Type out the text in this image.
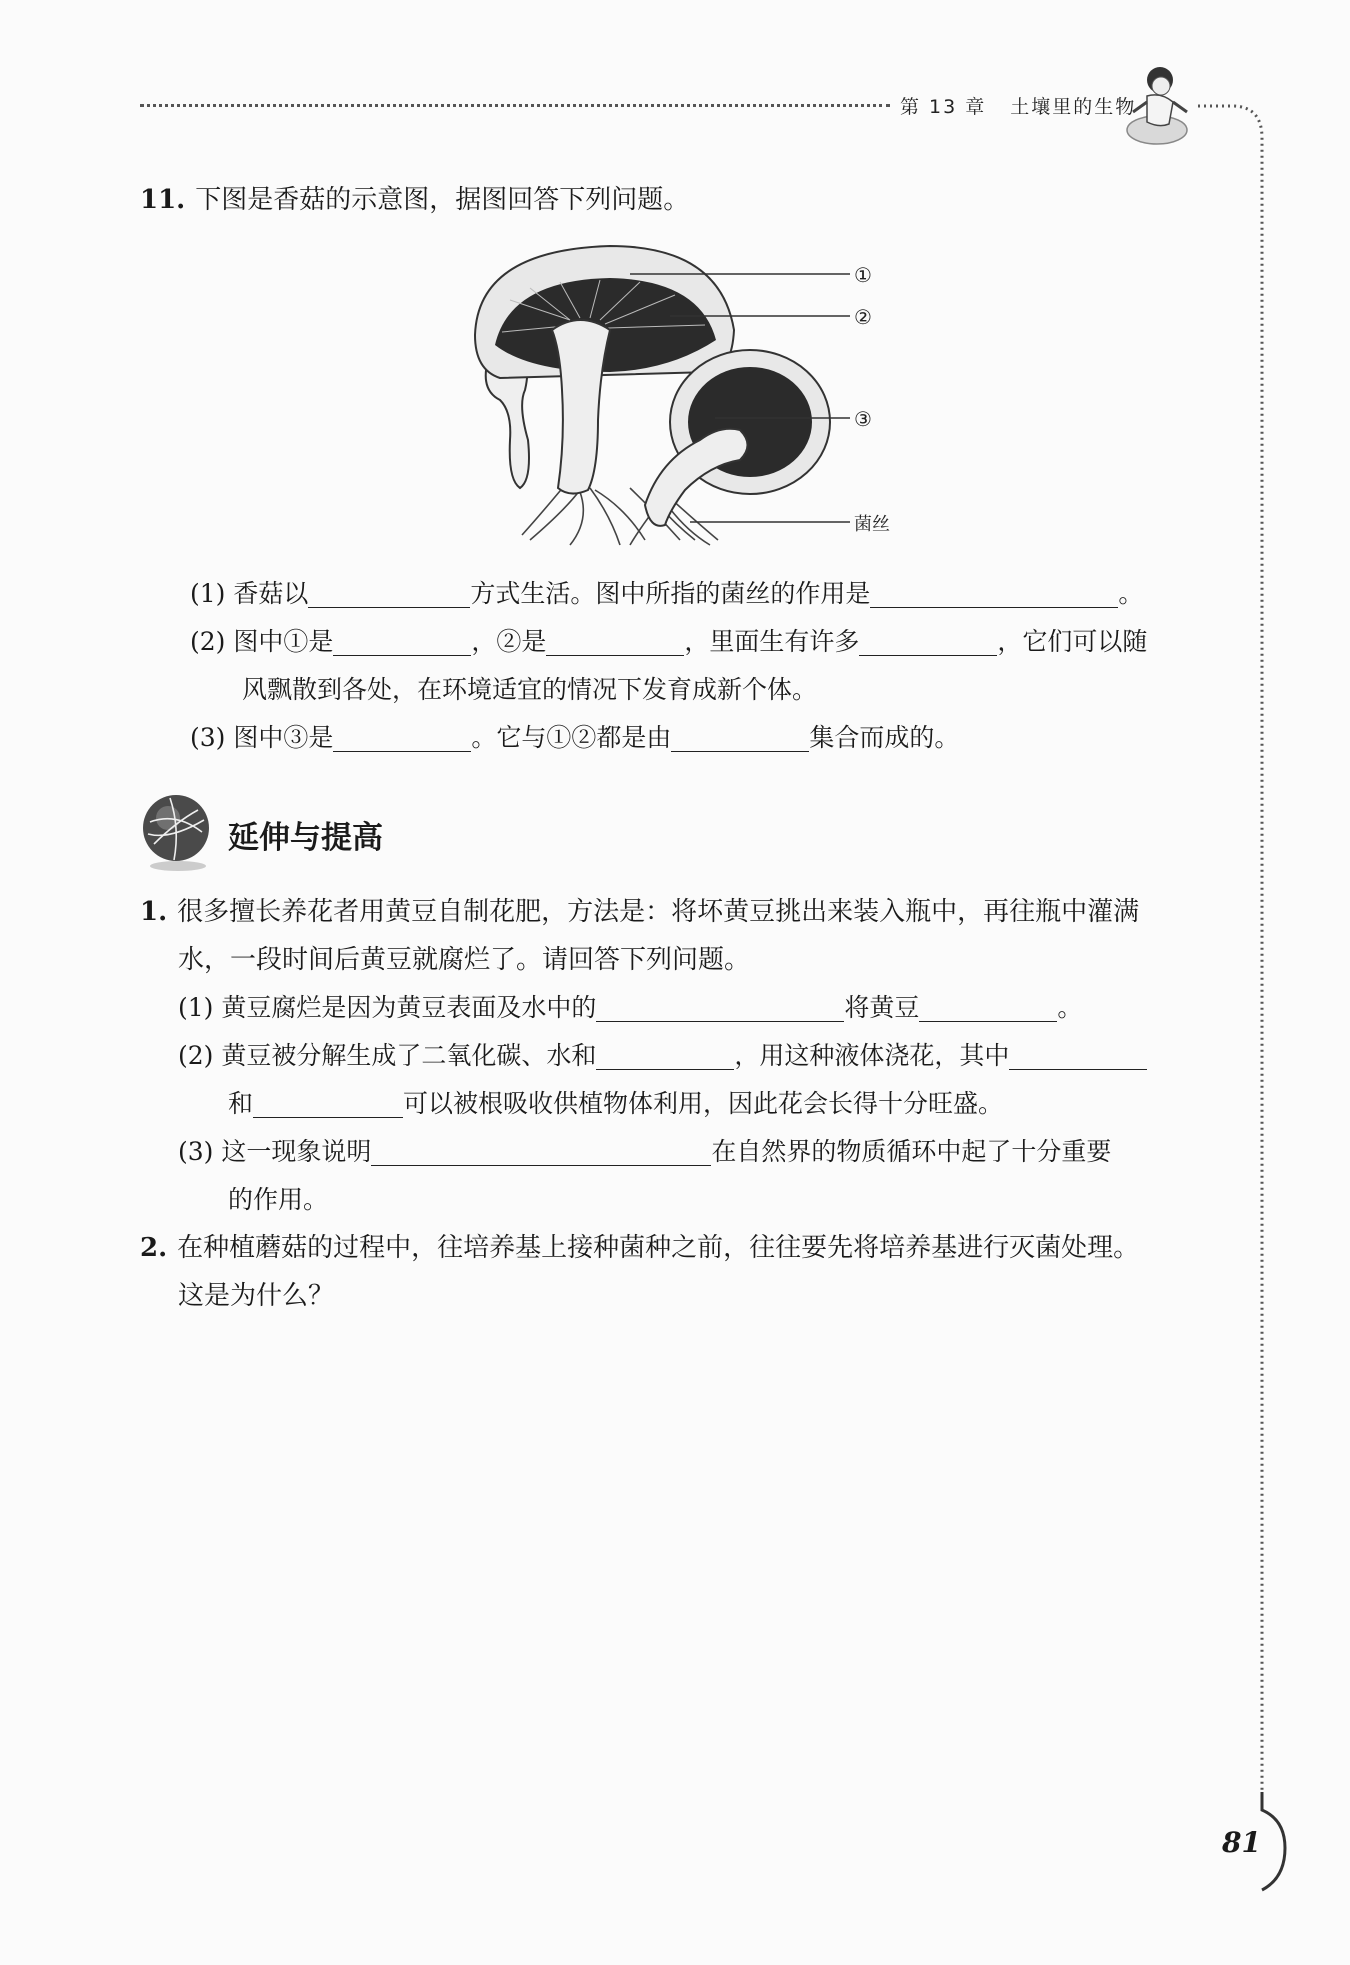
第 13 章 土壤里的生物
11. 下图是香菇的示意图，据图回答下列问题。
①
②
③
菌丝
(1) 香菇以	方式生活。图中所指的菌丝的作用是	。
(2) 图中①是	，②是	，里面生有许多	，它们可以随
风飘散到各处，在环境适宜的情况下发育成新个体。
(3) 图中③是	。它与①②都是由	集合而成的。
延伸与提高
1. 很多擅长养花者用黄豆自制花肥，方法是：将坏黄豆挑出来装入瓶中，再往瓶中灌满
水，一段时间后黄豆就腐烂了。请回答下列问题。
(1) 黄豆腐烂是因为黄豆表面及水中的	将黄豆	。
(2) 黄豆被分解生成了二氧化碳、水和	，用这种液体浇花，其中
和	可以被根吸收供植物体利用，因此花会长得十分旺盛。
(3) 这一现象说明	在自然界的物质循环中起了十分重要
的作用。
2. 在种植蘑菇的过程中，往培养基上接种菌种之前，往往要先将培养基进行灭菌处理。
这是为什么？
81
